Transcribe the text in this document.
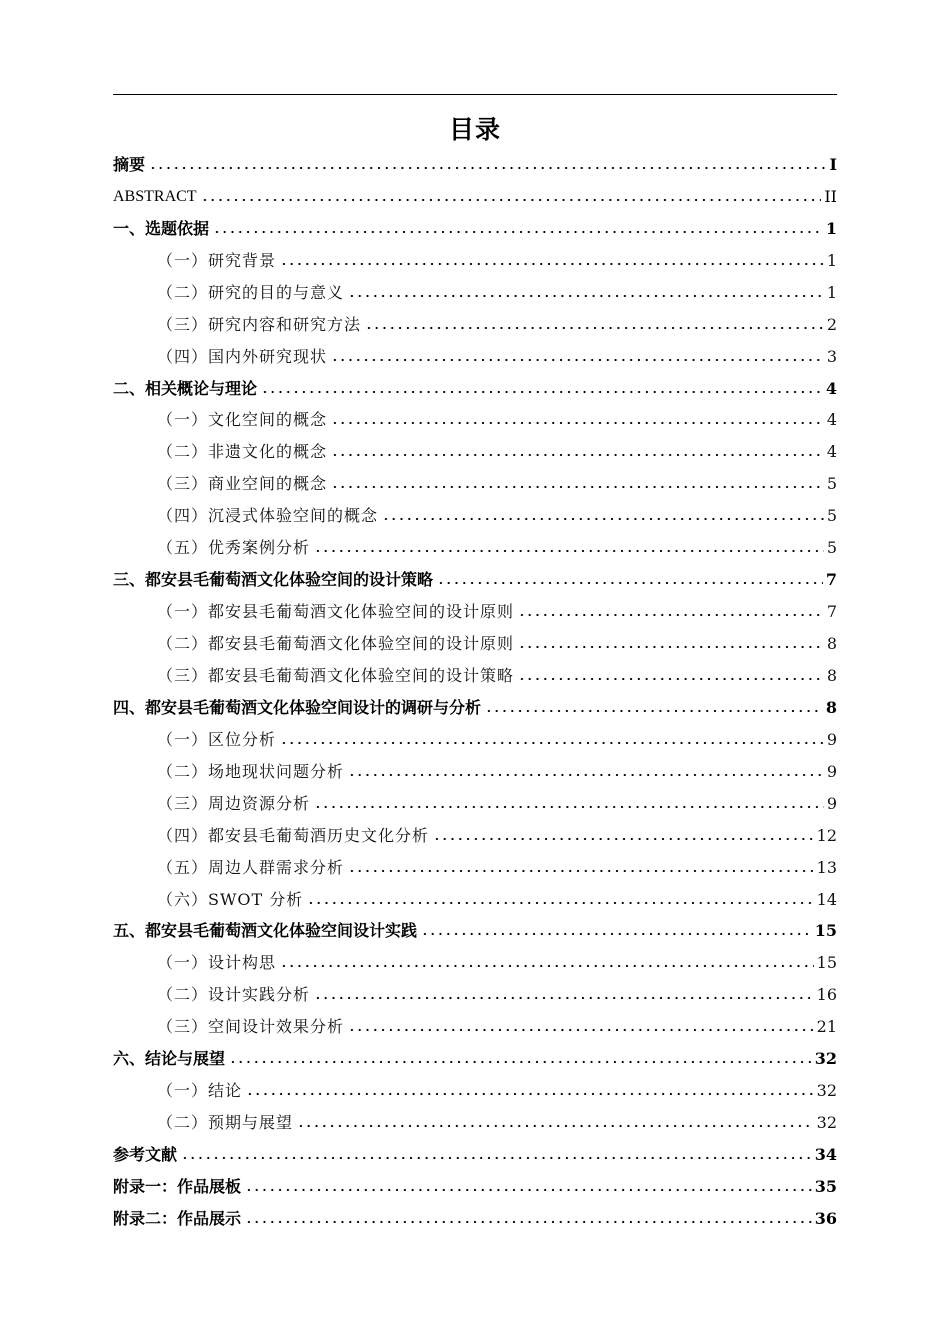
目录
摘要	I
ABSTRACT	II
一、选题依据	1
（一）研究背景	1
（二）研究的目的与意义	1
（三）研究内容和研究方法	2
（四）国内外研究现状	3
二、相关概论与理论	4
（一）文化空间的概念	4
（二）非遗文化的概念	4
（三）商业空间的概念	5
（四）沉浸式体验空间的概念	5
（五）优秀案例分析	5
三、都安县毛葡萄酒文化体验空间的设计策略	7
（一）都安县毛葡萄酒文化体验空间的设计原则	7
（二）都安县毛葡萄酒文化体验空间的设计原则	8
（三）都安县毛葡萄酒文化体验空间的设计策略	8
四、都安县毛葡萄酒文化体验空间设计的调研与分析	8
（一）区位分析	9
（二）场地现状问题分析	9
（三）周边资源分析	9
（四）都安县毛葡萄酒历史文化分析	12
（五）周边人群需求分析	13
（六）SWOT 分析	14
五、都安县毛葡萄酒文化体验空间设计实践	15
（一）设计构思	15
（二）设计实践分析	16
（三）空间设计效果分析	21
六、结论与展望	32
（一）结论	32
（二）预期与展望	32
参考文献	34
附录一：作品展板	35
附录二：作品展示	36
